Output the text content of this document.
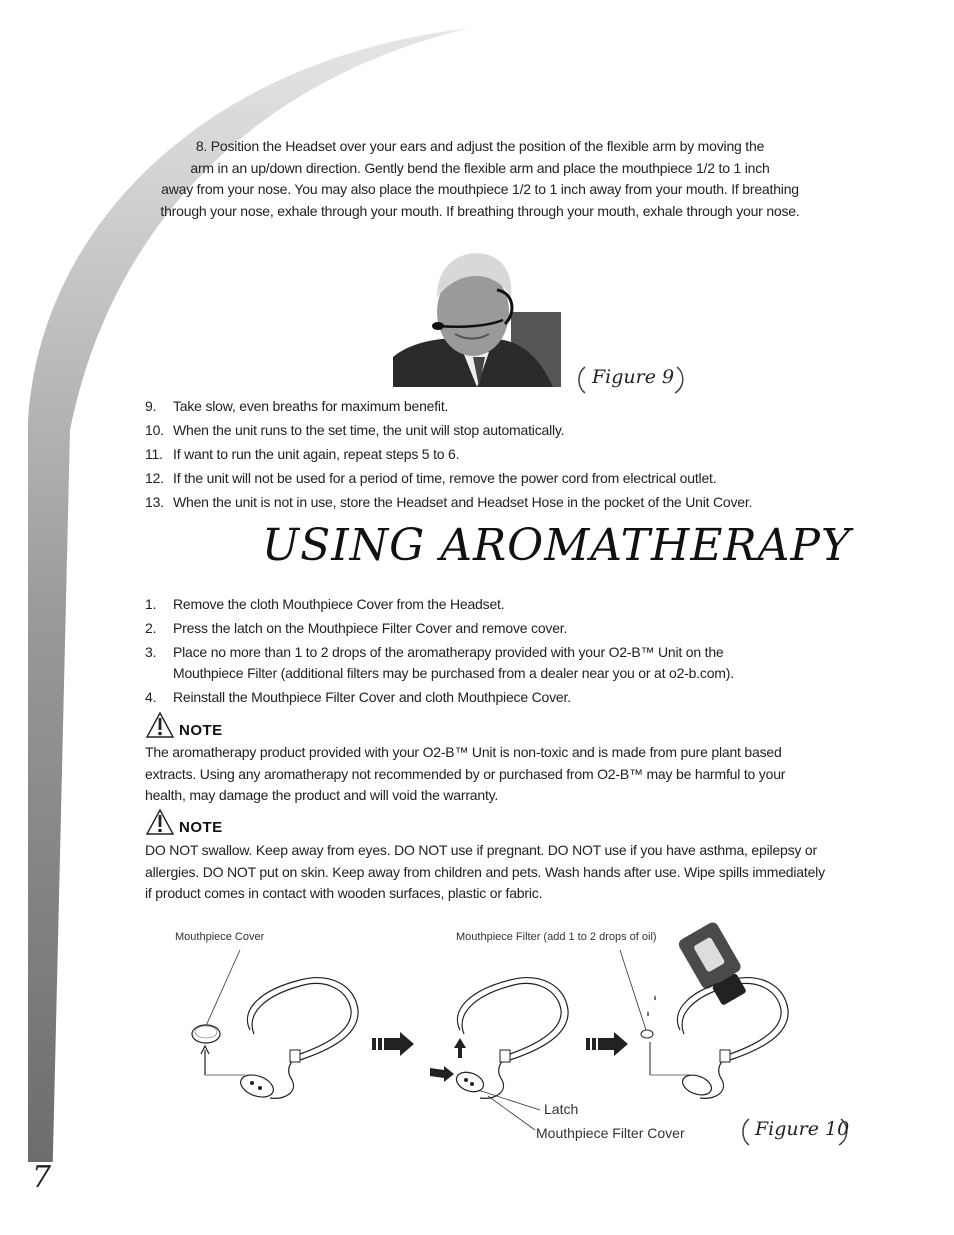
8. Position the Headset over your ears and adjust the position of the flexible arm by moving the
arm in an up/down direction. Gently bend the flexible arm and place the mouthpiece 1/2 to 1 inch
away from your nose. You may also place the mouthpiece 1/2 to 1 inch away from your mouth. If breathing
through your nose, exhale through your mouth. If breathing through your mouth, exhale through your nose.
Figure 9
9. Take slow, even breaths for maximum benefit.
10. When the unit runs to the set time, the unit will stop automatically.
11. If want to run the unit again, repeat steps 5 to 6.
12. If the unit will not be used for a period of time, remove the power cord from electrical outlet.
13. When the unit is not in use, store the Headset and Headset Hose in the pocket of the Unit Cover.
USING AROMATHERAPY
1. Remove the cloth Mouthpiece Cover from the Headset.
2. Press the latch on the Mouthpiece Filter Cover and remove cover.
3. Place no more than 1 to 2 drops of the aromatherapy provided with your O2-B™ Unit on the Mouthpiece Filter (additional filters may be purchased from a dealer near you or at o2-b.com).
4. Reinstall the Mouthpiece Filter Cover and cloth Mouthpiece Cover.
NOTE
The aromatherapy product provided with your O2-B™ Unit is non-toxic and is made from pure plant based extracts. Using any aromatherapy not recommended by or purchased from O2-B™ may be harmful to your health, may damage the product and will void the warranty.
NOTE
DO NOT swallow. Keep away from eyes. DO NOT use if pregnant. DO NOT use if you have asthma, epilepsy or allergies. DO NOT put on skin. Keep away from children and pets. Wash hands after use. Wipe spills immediately if product comes in contact with wooden surfaces, plastic or fabric.
Mouthpiece Cover	Mouthpiece Filter (add 1 to 2 drops of oil)
Latch
Mouthpiece Filter Cover	Figure 10
7
